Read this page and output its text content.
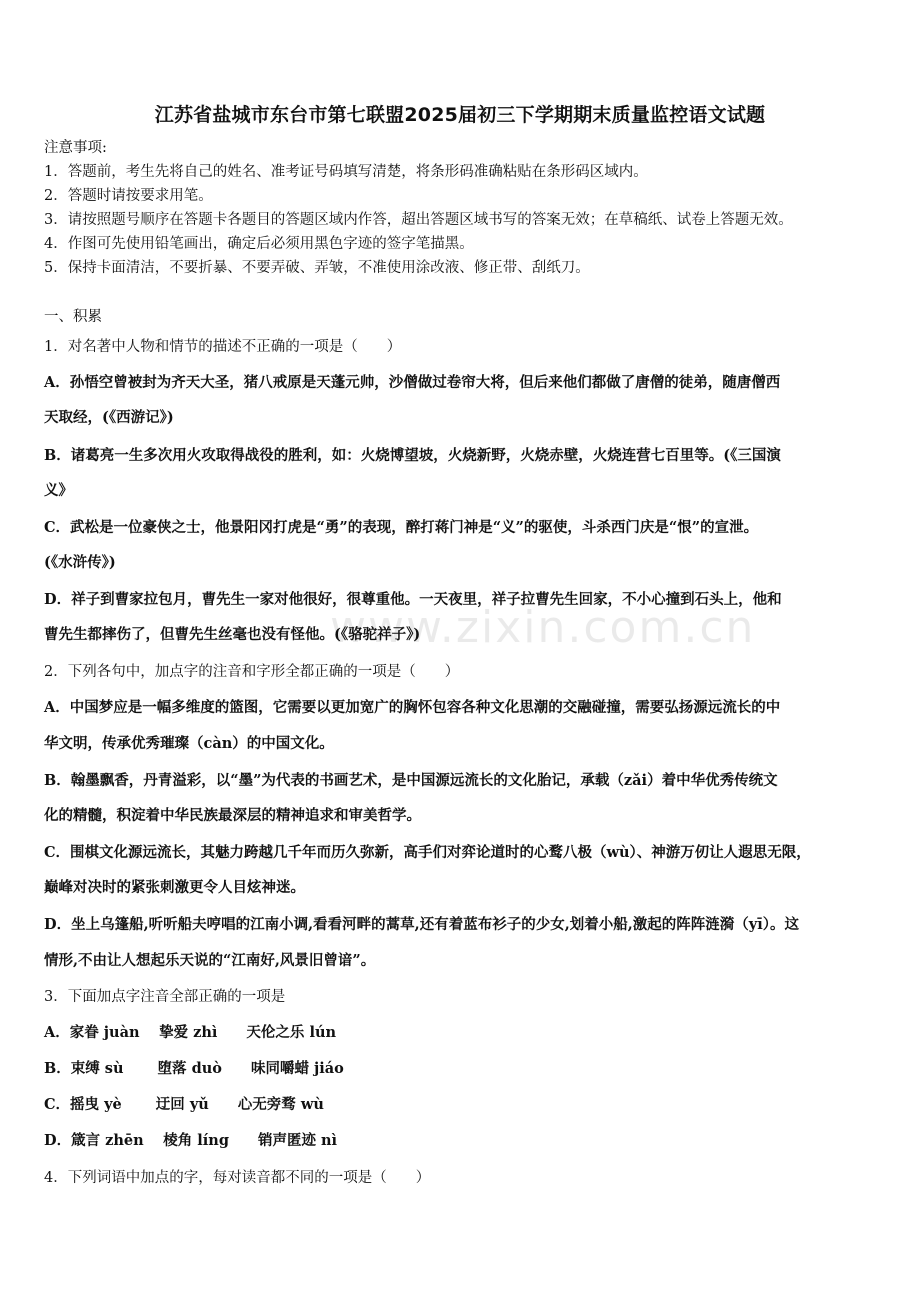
江苏省盐城市东台市第七联盟2025届初三下学期期末质量监控语文试题
注意事项:
1．答题前，考生先将自己的姓名、准考证号码填写清楚，将条形码准确粘贴在条形码区域内。
2．答题时请按要求用笔。
3．请按照题号顺序在答题卡各题目的答题区域内作答，超出答题区域书写的答案无效；在草稿纸、试卷上答题无效。
4．作图可先使用铅笔画出，确定后必须用黑色字迹的签字笔描黑。
5．保持卡面清洁，不要折暴、不要弄破、弄皱，不准使用涂改液、修正带、刮纸刀。
一、积累
1．对名著中人物和情节的描述不正确的一项是（　　）
A．孙悟空曾被封为齐天大圣，猪八戒原是天蓬元帅，沙僧做过卷帘大将，但后来他们都做了唐僧的徒弟，随唐僧西
天取经，(《西游记》)
B．诸葛亮一生多次用火攻取得战役的胜利，如：火烧博望坡，火烧新野，火烧赤壁，火烧连营七百里等。(《三国演
义》
C．武松是一位豪侠之士，他景阳冈打虎是“勇”的表现，醉打蒋门神是“义”的驱使，斗杀西门庆是“恨”的宣泄。
(《水浒传》)
D．祥子到曹家拉包月，曹先生一家对他很好，很尊重他。一天夜里，祥子拉曹先生回家，不小心撞到石头上，他和
曹先生都摔伤了，但曹先生丝毫也没有怪他。(《骆驼祥子》)
2．下列各句中，加点字的注音和字形全都正确的一项是（　　）
A．中国梦应是一幅多维度的篮图，它需要以更加宽广的胸怀包容各种文化思潮的交融碰撞，需要弘扬源远流长的中
华文明，传承优秀璀璨（càn）的中国文化。
B．翰墨飘香，丹青溢彩，以“墨”为代表的书画艺术，是中国源远流长的文化胎记，承载（zǎi）着中华优秀传统文
化的精髓，积淀着中华民族最深层的精神追求和审美哲学。
C．围棋文化源远流长，其魅力跨越几千年而历久弥新，高手们对弈论道时的心鹜八极（wù）、神游万仞让人遐思无限，
巅峰对决时的紧张刺激更令人目炫神迷。
D．坐上乌篷船,听听船夫哼唱的江南小调,看看河畔的蒿草,还有着蓝布衫子的少女,划着小船,激起的阵阵涟漪（yī）。这
情形,不由让人想起乐天说的“江南好,风景旧曾谙”。
3．下面加点字注音全部正确的一项是
A．家眷 juàn　 挚爱 zhì　　天伦之乐 lún
B．束缚 sù　　 堕落 duò　　味同嚼蜡 jiáo
C．摇曳 yè　　 迂回 yǔ　　心无旁骛 wù
D．箴言 zhēn　 棱角 líng　　销声匿迹 nì
4．下列词语中加点的字，每对读音都不同的一项是（　　）
www.zixin.com.cn
